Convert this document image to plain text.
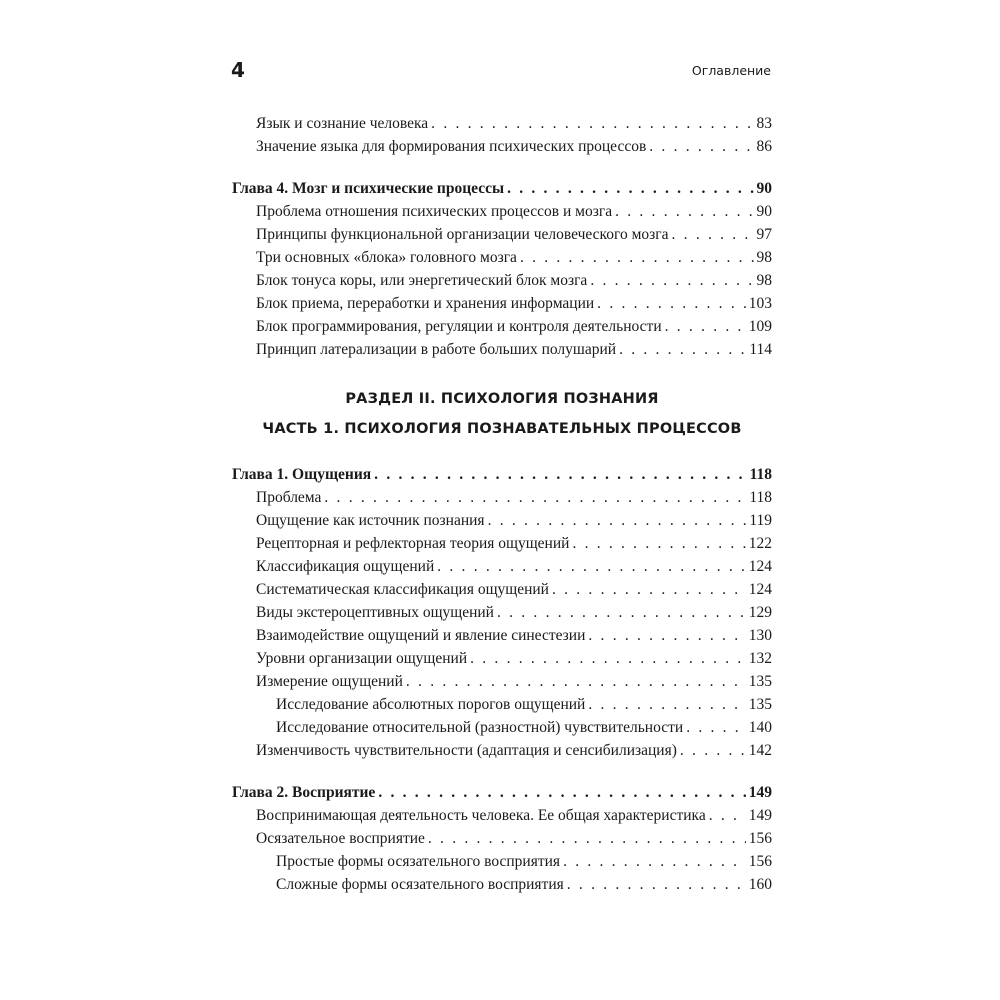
4	Оглавление
Язык и сознание человека . . .	83
Значение языка для формирования психических процессов . . .	86
Глава 4. Мозг и психические процессы . . .	90
Проблема отношения психических процессов и мозга . . .	90
Принципы функциональной организации человеческого мозга . . .	97
Три основных «блока» головного мозга . . .	98
Блок тонуса коры, или энергетический блок мозга . . .	98
Блок приема, переработки и хранения информации . . .	103
Блок программирования, регуляции и контроля деятельности . . .	109
Принцип латерализации в работе больших полушарий . . .	114
РАЗДЕЛ II. ПСИХОЛОГИЯ ПОЗНАНИЯ
ЧАСТЬ 1. ПСИХОЛОГИЯ ПОЗНАВАТЕЛЬНЫХ ПРОЦЕССОВ
Глава 1. Ощущения . . .	118
Проблема . . .	118
Ощущение как источник познания . . .	119
Рецепторная и рефлекторная теория ощущений . . .	122
Классификация ощущений . . .	124
Систематическая классификация ощущений . . .	124
Виды экстероцептивных ощущений . . .	129
Взаимодействие ощущений и явление синестезии . . .	130
Уровни организации ощущений . . .	132
Измерение ощущений . . .	135
Исследование абсолютных порогов ощущений . . .	135
Исследование относительной (разностной) чувствительности . . .	140
Изменчивость чувствительности (адаптация и сенсибилизация) . . .	142
Глава 2. Восприятие . . .	149
Воспринимающая деятельность человека. Ее общая характеристика . . .	149
Осязательное восприятие . . .	156
Простые формы осязательного восприятия . . .	156
Сложные формы осязательного восприятия . . .	160
